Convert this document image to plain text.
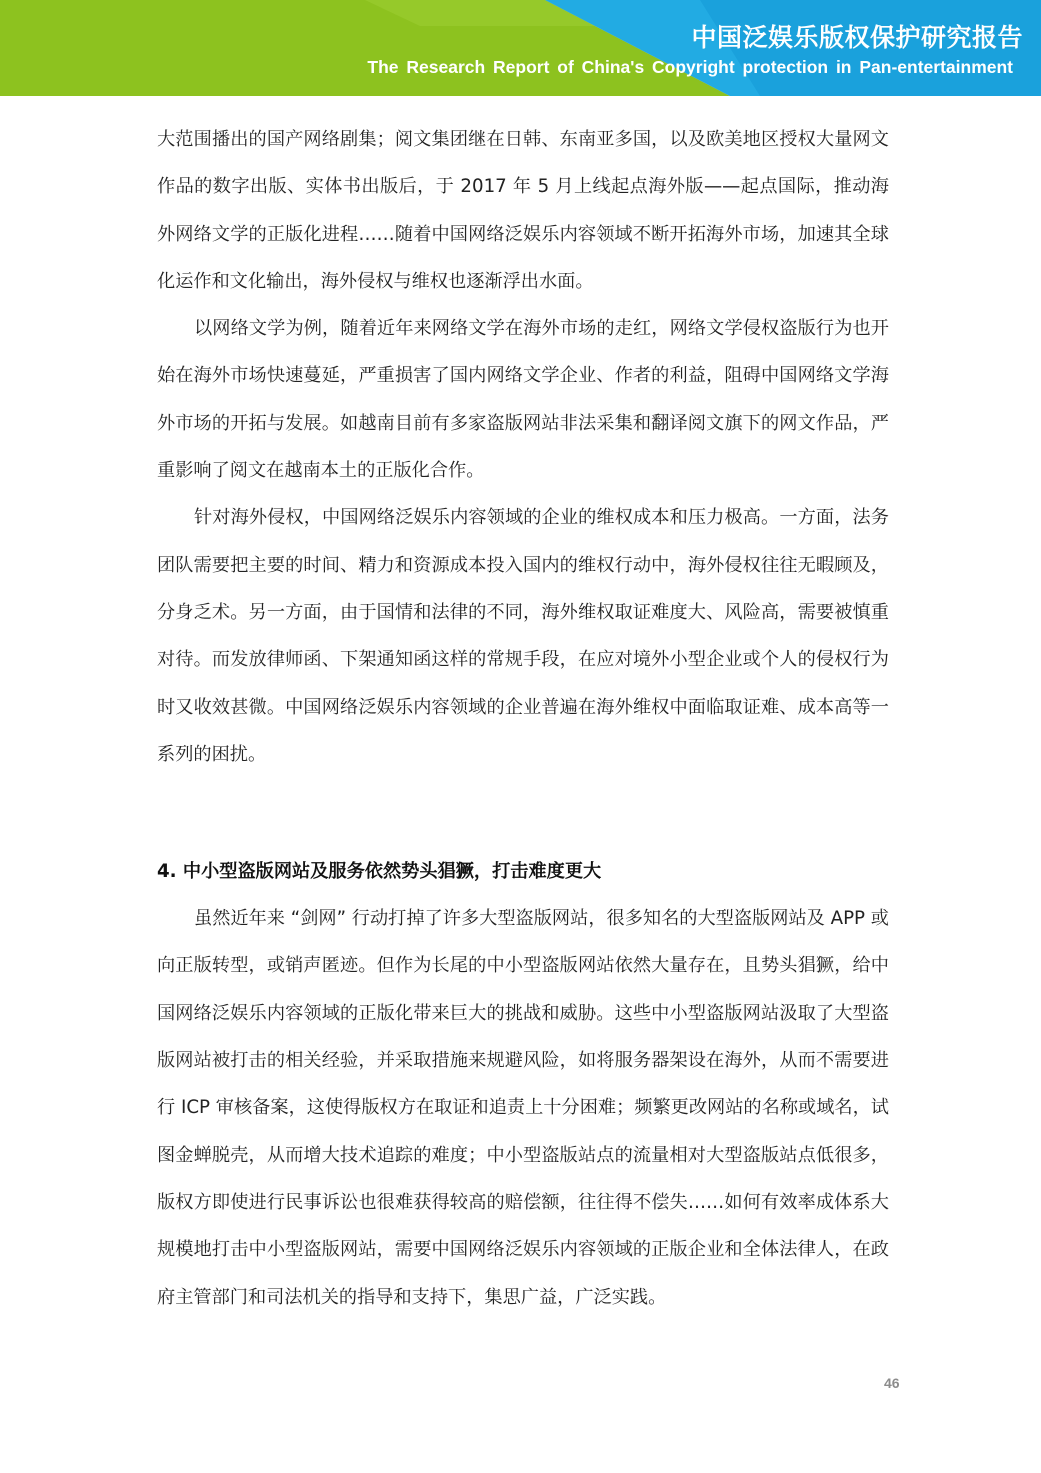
中国泛娱乐版权保护研究报告
The Research Report of China's Copyright protection in Pan-entertainment

大范围播出的国产网络剧集；阅文集团继在日韩、东南亚多国，以及欧美地区授权大量网文作品的数字出版、实体书出版后，于 2017 年 5 月上线起点海外版——起点国际，推动海外网络文学的正版化进程……随着中国网络泛娱乐内容领域不断开拓海外市场，加速其全球化运作和文化输出，海外侵权与维权也逐渐浮出水面。

以网络文学为例，随着近年来网络文学在海外市场的走红，网络文学侵权盗版行为也开始在海外市场快速蔓延，严重损害了国内网络文学企业、作者的利益，阻碍中国网络文学海外市场的开拓与发展。如越南目前有多家盗版网站非法采集和翻译阅文旗下的网文作品，严重影响了阅文在越南本土的正版化合作。

针对海外侵权，中国网络泛娱乐内容领域的企业的维权成本和压力极高。一方面，法务团队需要把主要的时间、精力和资源成本投入国内的维权行动中，海外侵权往往无暇顾及，分身乏术。另一方面，由于国情和法律的不同，海外维权取证难度大、风险高，需要被慎重对待。而发放律师函、下架通知函这样的常规手段，在应对境外小型企业或个人的侵权行为时又收效甚微。中国网络泛娱乐内容领域的企业普遍在海外维权中面临取证难、成本高等一系列的困扰。

4. 中小型盗版网站及服务依然势头猖獗，打击难度更大

虽然近年来 “剑网” 行动打掉了许多大型盗版网站，很多知名的大型盗版网站及 APP 或向正版转型，或销声匿迹。但作为长尾的中小型盗版网站依然大量存在，且势头猖獗，给中国网络泛娱乐内容领域的正版化带来巨大的挑战和威胁。这些中小型盗版网站汲取了大型盗版网站被打击的相关经验，并采取措施来规避风险，如将服务器架设在海外，从而不需要进行 ICP 审核备案，这使得版权方在取证和追责上十分困难；频繁更改网站的名称或域名，试图金蝉脱壳，从而增大技术追踪的难度；中小型盗版站点的流量相对大型盗版站点低很多，版权方即使进行民事诉讼也很难获得较高的赔偿额，往往得不偿失……如何有效率成体系大规模地打击中小型盗版网站，需要中国网络泛娱乐内容领域的正版企业和全体法律人，在政府主管部门和司法机关的指导和支持下，集思广益，广泛实践。

46
